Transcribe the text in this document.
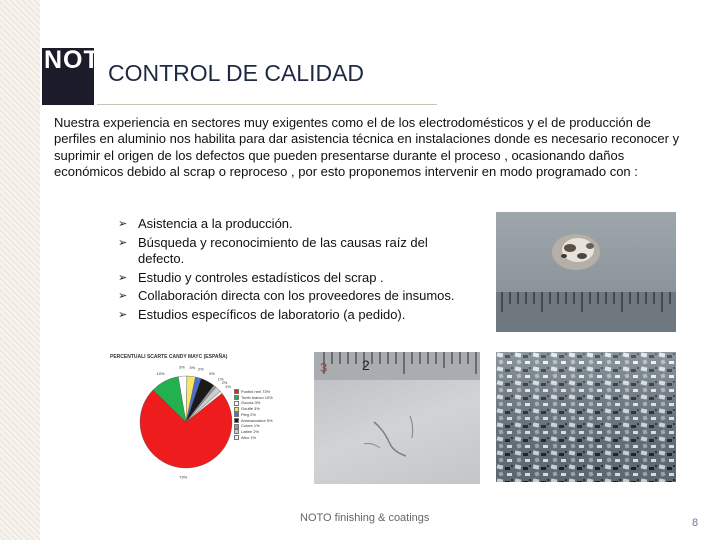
NOTO
CONTROL DE CALIDAD

Nuestra experiencia en sectores muy exigentes como el de los electrodomésticos y el de producción de perfiles en aluminio nos habilita para dar asistencia técnica en instalaciones donde es necesario reconocer y suprimir el origen de los defectos que pueden presentarse durante el proceso , ocasionando daños económicos debido al scrap o reproceso , por esto proponemos intervenir en modo programado con :

➢ Asistencia a la producción.
➢ Búsqueda y reconocimiento de las causas raíz del defecto.
➢ Estudio y controles estadísticos del scrap .
➢ Collaboración directa con los proveedores de insumos.
➢ Estudios específicos de laboratorio (a pedido).
3 2
PERCENTUALI SCARTE CANDY MAYC (ESPAÑA)
73%
10%
3% 3% 2%
5%
1%
2%
1%
Puntini neri 73%
Tonfo bianco 10%
Goccia 3%
Gouffe 3%
Pieg 2%
Ammaccature 5%
Colore 1%
Lattee 2%
Altro 1%
NOTO finishing & coatings	8
